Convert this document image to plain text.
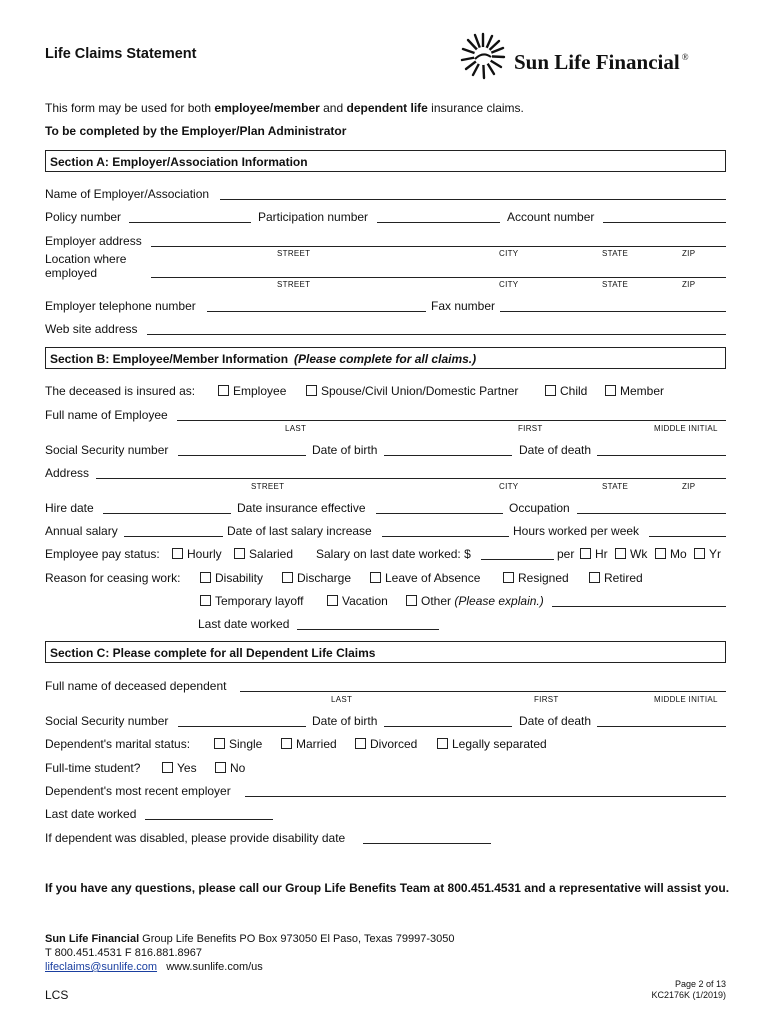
Life Claims Statement	Sun Life Financial ®
This form may be used for both employee/member and dependent life insurance claims.
To be completed by the Employer/Plan Administrator
Section A: Employer/Association Information
Name of Employer/Association
Policy number	Participation number	Account number
Employer address
STREET	CITY	STATE	ZIP
Location where
employed
STREET	CITY	STATE	ZIP
Employer telephone number	Fax number
Web site address
Section B: Employee/Member Information (Please complete for all claims.)
The deceased is insured as:	Employee	Spouse/Civil Union/Domestic Partner	Child	Member
Full name of Employee
LAST	FIRST	MIDDLE INITIAL
Social Security number	Date of birth	Date of death
Address
STREET	CITY	STATE	ZIP
Hire date	Date insurance effective	Occupation
Annual salary	Date of last salary increase	Hours worked per week
Employee pay status:	Hourly	Salaried Salary on last date worked: $	per	Hr	Wk	Mo	Yr
Reason for ceasing work:	Disability	Discharge	Leave of Absence	Resigned	Retired
Temporary layoff	Vacation	Other (Please explain.)
Last date worked
Section C: Please complete for all Dependent Life Claims
Full name of deceased dependent
LAST	FIRST	MIDDLE INITIAL
Social Security number	Date of birth	Date of death
Dependent's marital status:	Single	Married	Divorced	Legally separated
Full-time student?	Yes	No
Dependent's most recent employer
Last date worked
If dependent was disabled, please provide disability date
If you have any questions, please call our Group Life Benefits Team at 800.451.4531 and a representative will assist you.
Sun Life Financial Group Life Benefits PO Box 973050 El Paso, Texas 79997-3050
T 800.451.4531 F 816.881.8967
lifeclaims@sunlife.com www.sunlife.com/us
LCS
Page 2 of 13
KC2176K (1/2019)
